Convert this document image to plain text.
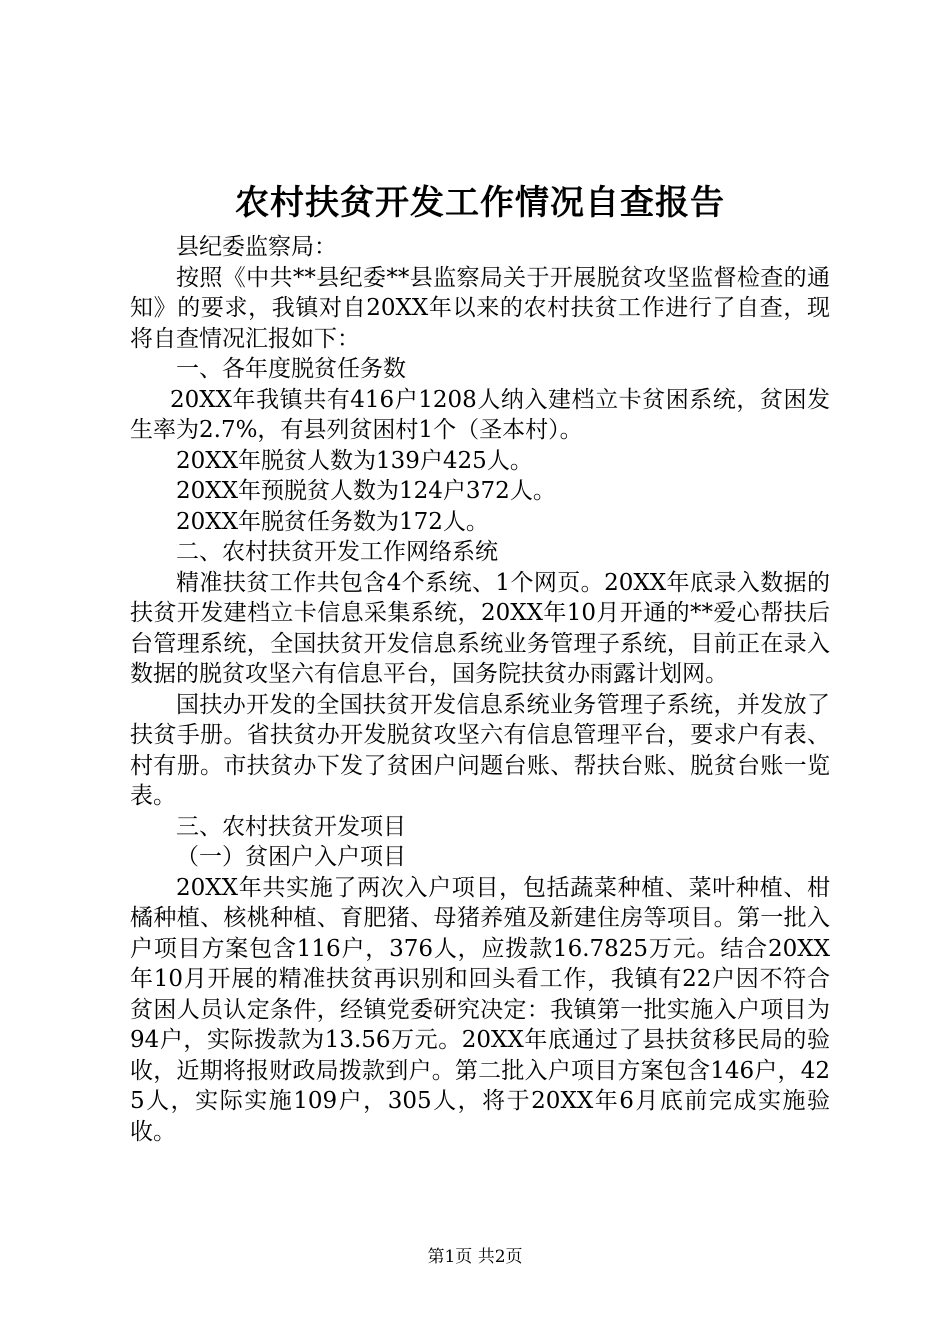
农村扶贫开发工作情况自查报告

县纪委监察局：

按照《中共**县纪委**县监察局关于开展脱贫攻坚监督检查的通知》的要求，我镇对自20XX年以来的农村扶贫工作进行了自查，现将自查情况汇报如下：

一、各年度脱贫任务数

20XX年我镇共有416户1208人纳入建档立卡贫困系统，贫困发生率为2.7%，有县列贫困村1个（圣本村）。

20XX年脱贫人数为139户425人。

20XX年预脱贫人数为124户372人。

20XX年脱贫任务数为172人。

二、农村扶贫开发工作网络系统

精准扶贫工作共包含4个系统、1个网页。20XX年底录入数据的扶贫开发建档立卡信息采集系统，20XX年10月开通的**爱心帮扶后台管理系统，全国扶贫开发信息系统业务管理子系统，目前正在录入数据的脱贫攻坚六有信息平台，国务院扶贫办雨露计划网。

国扶办开发的全国扶贫开发信息系统业务管理子系统，并发放了扶贫手册。省扶贫办开发脱贫攻坚六有信息管理平台，要求户有表、村有册。市扶贫办下发了贫困户问题台账、帮扶台账、脱贫台账一览表。

三、农村扶贫开发项目

（一）贫困户入户项目

20XX年共实施了两次入户项目，包括蔬菜种植、菜叶种植、柑橘种植、核桃种植、育肥猪、母猪养殖及新建住房等项目。第一批入户项目方案包含116户，376人，应拨款16.7825万元。结合20XX年10月开展的精准扶贫再识别和回头看工作，我镇有22户因不符合贫困人员认定条件，经镇党委研究决定：我镇第一批实施入户项目为94户，实际拨款为13.56万元。20XX年底通过了县扶贫移民局的验收，近期将报财政局拨款到户。第二批入户项目方案包含146户，425人，实际实施109户，305人，将于20XX年6月底前完成实施验收。

第1页 共2页
